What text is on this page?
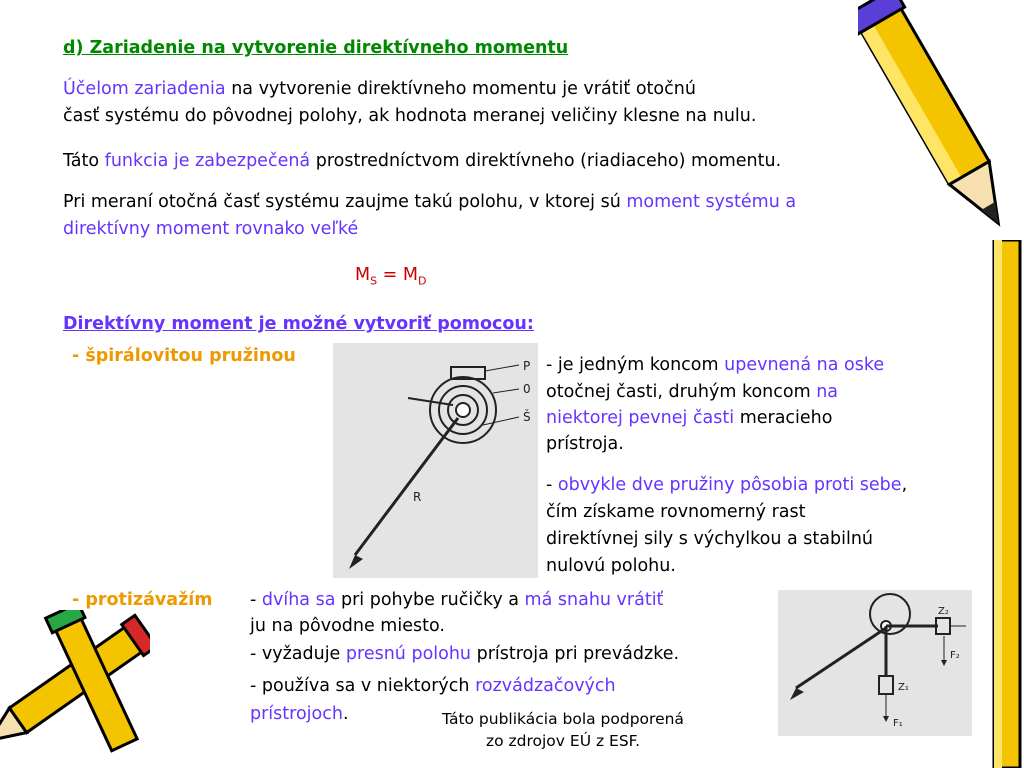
d) Zariadenie na vytvorenie direktívneho momentu
Účelom zariadenia na vytvorenie direktívneho momentu je vrátiť otočnú
časť systému do pôvodnej polohy, ak hodnota meranej veličiny klesne na nulu.
Táto funkcia je zabezpečená prostredníctvom direktívneho (riadiaceho) momentu.
Pri meraní otočná časť systému zaujme takú polohu, v ktorej sú moment systému a
direktívny moment rovnako veľké
$M_S = M_D$
Direktívny moment je možné vytvoriť pomocou:
- špirálovitou pružinou	P
0
Š
R
- je jedným koncom upevnená na oske
otočnej časti, druhým koncom na
niektorej pevnej časti meracieho
prístroja.
- obvykle dve pružiny pôsobia proti sebe,
čím získame rovnomerný rast
direktívnej sily s výchylkou a stabilnú
nulovú polohu.
- protizávažím - dvíha sa pri pohybe ručičky a má snahu vrátiť
ju na pôvodne miesto.
- vyžaduje presnú polohu prístroja pri prevádzke.
- používa sa v niektorých rozvádzačových
prístrojoch.
Z₂
F₂
Z₁
F₁
Táto publikácia bola podporená
zo zdrojov EÚ z ESF.
